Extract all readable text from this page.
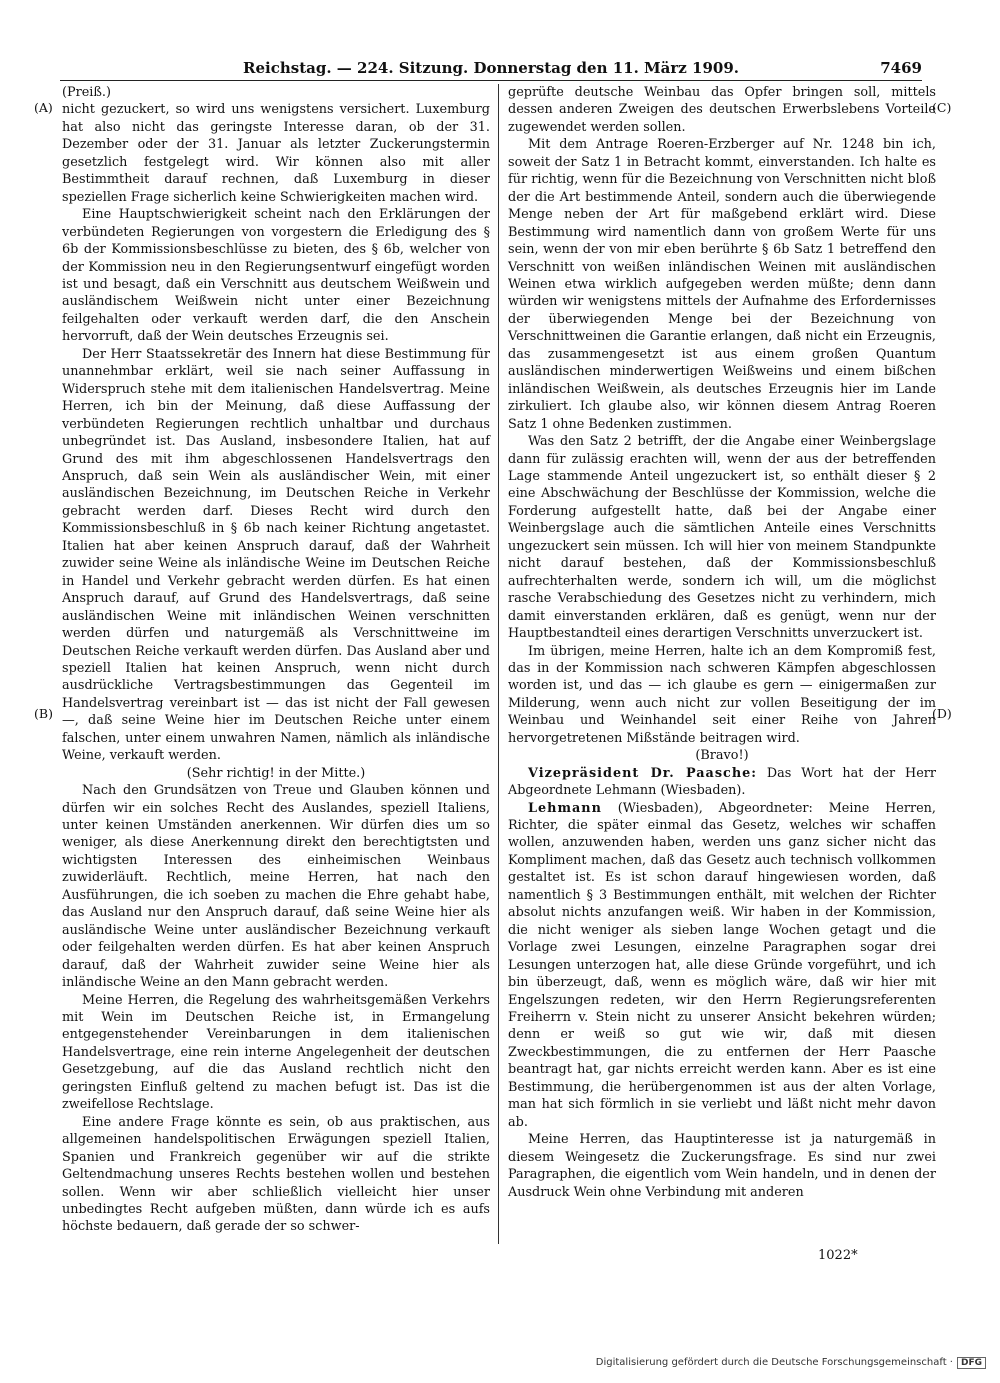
Reichstag. — 224. Sitzung. Donnerstag den 11. März 1909.	7469
(A)
(B)
(C)
(D)

(Preiß.)

nicht gezuckert, so wird uns wenigstens versichert. Luxemburg hat also nicht das geringste Interesse daran, ob der 31. Dezember oder der 31. Januar als letzter Zuckerungstermin gesetzlich festgelegt wird. Wir können also mit aller Bestimmtheit darauf rechnen, daß Luxemburg in dieser speziellen Frage sicherlich keine Schwierigkeiten machen wird.

Eine Hauptschwierigkeit scheint nach den Erklärungen der verbündeten Regierungen von vorgestern die Erledigung des § 6b der Kommissionsbeschlüsse zu bieten, des § 6b, welcher von der Kommission neu in den Regierungsentwurf eingefügt worden ist und besagt, daß ein Verschnitt aus deutschem Weißwein und ausländischem Weißwein nicht unter einer Bezeichnung feilgehalten oder verkauft werden darf, die den Anschein hervorruft, daß der Wein deutsches Erzeugnis sei.

Der Herr Staatssekretär des Innern hat diese Bestimmung für unannehmbar erklärt, weil sie nach seiner Auffassung in Widerspruch stehe mit dem italienischen Handelsvertrag. Meine Herren, ich bin der Meinung, daß diese Auffassung der verbündeten Regierungen rechtlich unhaltbar und durchaus unbegründet ist. Das Ausland, insbesondere Italien, hat auf Grund des mit ihm abgeschlossenen Handelsvertrags den Anspruch, daß sein Wein als ausländischer Wein, mit einer ausländischen Bezeichnung, im Deutschen Reiche in Verkehr gebracht werden darf. Dieses Recht wird durch den Kommissionsbeschluß in § 6b nach keiner Richtung angetastet. Italien hat aber keinen Anspruch darauf, daß der Wahrheit zuwider seine Weine als inländische Weine im Deutschen Reiche in Handel und Verkehr gebracht werden dürfen. Es hat einen Anspruch darauf, auf Grund des Handelsvertrags, daß seine ausländischen Weine mit inländischen Weinen verschnitten werden dürfen und naturgemäß als Verschnittweine im Deutschen Reiche verkauft werden dürfen. Das Ausland aber und speziell Italien hat keinen Anspruch, wenn nicht durch ausdrückliche Vertragsbestimmungen das Gegenteil im Handelsvertrag vereinbart ist — das ist nicht der Fall gewesen —, daß seine Weine hier im Deutschen Reiche unter einem falschen, unter einem unwahren Namen, nämlich als inländische Weine, verkauft werden.

(Sehr richtig! in der Mitte.)

Nach den Grundsätzen von Treue und Glauben können und dürfen wir ein solches Recht des Auslandes, speziell Italiens, unter keinen Umständen anerkennen. Wir dürfen dies um so weniger, als diese Anerkennung direkt den berechtigtsten und wichtigsten Interessen des einheimischen Weinbaus zuwiderläuft. Rechtlich, meine Herren, hat nach den Ausführungen, die ich soeben zu machen die Ehre gehabt habe, das Ausland nur den Anspruch darauf, daß seine Weine hier als ausländische Weine unter ausländischer Bezeichnung verkauft oder feilgehalten werden dürfen. Es hat aber keinen Anspruch darauf, daß der Wahrheit zuwider seine Weine hier als inländische Weine an den Mann gebracht werden.

Meine Herren, die Regelung des wahrheitsgemäßen Verkehrs mit Wein im Deutschen Reiche ist, in Ermangelung entgegenstehender Vereinbarungen in dem italienischen Handelsvertrage, eine rein interne Angelegenheit der deutschen Gesetzgebung, auf die das Ausland rechtlich nicht den geringsten Einfluß geltend zu machen befugt ist. Das ist die zweifellose Rechtslage.

Eine andere Frage könnte es sein, ob aus praktischen, aus allgemeinen handelspolitischen Erwägungen speziell Italien, Spanien und Frankreich gegenüber wir auf die strikte Geltendmachung unseres Rechts bestehen wollen und bestehen sollen. Wenn wir aber schließlich vielleicht hier unser unbedingtes Recht aufgeben müßten, dann würde ich es aufs höchste bedauern, daß gerade der so schwer-

geprüfte deutsche Weinbau das Opfer bringen soll, mittels dessen anderen Zweigen des deutschen Erwerbslebens Vorteile zugewendet werden sollen.

Mit dem Antrage Roeren-Erzberger auf Nr. 1248 bin ich, soweit der Satz 1 in Betracht kommt, einverstanden. Ich halte es für richtig, wenn für die Bezeichnung von Verschnitten nicht bloß der die Art bestimmende Anteil, sondern auch die überwiegende Menge neben der Art für maßgebend erklärt wird. Diese Bestimmung wird namentlich dann von großem Werte für uns sein, wenn der von mir eben berührte § 6b Satz 1 betreffend den Verschnitt von weißen inländischen Weinen mit ausländischen Weinen etwa wirklich aufgegeben werden müßte; denn dann würden wir wenigstens mittels der Aufnahme des Erfordernisses der überwiegenden Menge bei der Bezeichnung von Verschnittweinen die Garantie erlangen, daß nicht ein Erzeugnis, das zusammengesetzt ist aus einem großen Quantum ausländischen minderwertigen Weißweins und einem bißchen inländischen Weißwein, als deutsches Erzeugnis hier im Lande zirkuliert. Ich glaube also, wir können diesem Antrag Roeren Satz 1 ohne Bedenken zustimmen.

Was den Satz 2 betrifft, der die Angabe einer Weinbergslage dann für zulässig erachten will, wenn der aus der betreffenden Lage stammende Anteil ungezuckert ist, so enthält dieser § 2 eine Abschwächung der Beschlüsse der Kommission, welche die Forderung aufgestellt hatte, daß bei der Angabe einer Weinbergslage auch die sämtlichen Anteile eines Verschnitts ungezuckert sein müssen. Ich will hier von meinem Standpunkte nicht darauf bestehen, daß der Kommissionsbeschluß aufrechterhalten werde, sondern ich will, um die möglichst rasche Verabschiedung des Gesetzes nicht zu verhindern, mich damit einverstanden erklären, daß es genügt, wenn nur der Hauptbestandteil eines derartigen Verschnitts unverzuckert ist.

Im übrigen, meine Herren, halte ich an dem Kompromiß fest, das in der Kommission nach schweren Kämpfen abgeschlossen worden ist, und das — ich glaube es gern — einigermaßen zur Milderung, wenn auch nicht zur vollen Beseitigung der im Weinbau und Weinhandel seit einer Reihe von Jahren hervorgetretenen Mißstände beitragen wird.

(Bravo!)

Vizepräsident Dr. Paasche: Das Wort hat der Herr Abgeordnete Lehmann (Wiesbaden).

Lehmann (Wiesbaden), Abgeordneter: Meine Herren, Richter, die später einmal das Gesetz, welches wir schaffen wollen, anzuwenden haben, werden uns ganz sicher nicht das Kompliment machen, daß das Gesetz auch technisch vollkommen gestaltet ist. Es ist schon darauf hingewiesen worden, daß namentlich § 3 Bestimmungen enthält, mit welchen der Richter absolut nichts anzufangen weiß. Wir haben in der Kommission, die nicht weniger als sieben lange Wochen getagt und die Vorlage zwei Lesungen, einzelne Paragraphen sogar drei Lesungen unterzogen hat, alle diese Gründe vorgeführt, und ich bin überzeugt, daß, wenn es möglich wäre, daß wir hier mit Engelszungen redeten, wir den Herrn Regierungsreferenten Freiherrn v. Stein nicht zu unserer Ansicht bekehren würden; denn er weiß so gut wie wir, daß mit diesen Zweckbestimmungen, die zu entfernen der Herr Paasche beantragt hat, gar nichts erreicht werden kann. Aber es ist eine Bestimmung, die herübergenommen ist aus der alten Vorlage, man hat sich förmlich in sie verliebt und läßt nicht mehr davon ab.

Meine Herren, das Hauptinteresse ist ja naturgemäß in diesem Weingesetz die Zuckerungsfrage. Es sind nur zwei Paragraphen, die eigentlich vom Wein handeln, und in denen der Ausdruck Wein ohne Verbindung mit anderen

1022*
Digitalisierung gefördert durch die Deutsche Forschungsgemeinschaft · DFG
